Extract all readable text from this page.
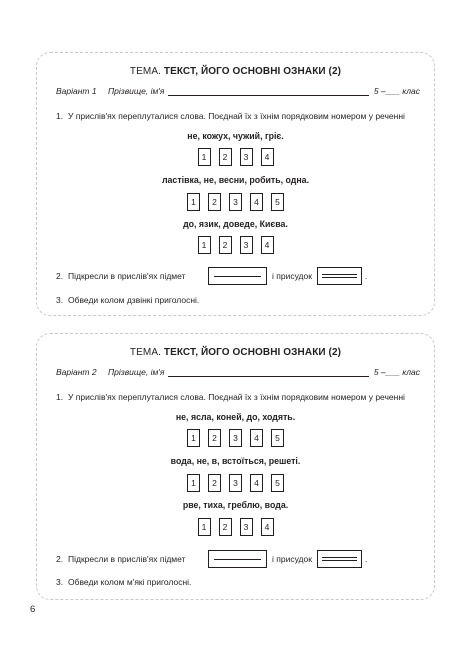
ТЕМА. ТЕКСТ, ЙОГО ОСНОВНІ ОЗНАКИ (2)
Варіант 1 Прізвище, ім'я	5 –___ клас
1. У прислів'ях переплуталися слова. Поєднай їх з їхнім порядковим номером у реченні
не, кожух, чужий, гріє.
1 2 3 4
ластівка, не, весни, робить, одна.
1 2 3 4 5
до, язик, доведе, Києва.
1 2 3 4
2. Підкресли в прислів'ях підмет	і присудок	.
3. Обведи колом дзвінкі приголосні.
ТЕМА. ТЕКСТ, ЙОГО ОСНОВНІ ОЗНАКИ (2)
Варіант 2 Прізвище, ім'я	5 –___ клас
1. У прислів'ях переплуталися слова. Поєднай їх з їхнім порядковим номером у реченні
не, ясла, коней, до, ходять.
1 2 3 4 5
вода, не, в, встоїться, решеті.
1 2 3 4 5
рве, тиха, греблю, вода.
1 2 3 4
2. Підкресли в прислів'ях підмет	і присудок	.
3. Обведи колом м'які приголосні.
6
